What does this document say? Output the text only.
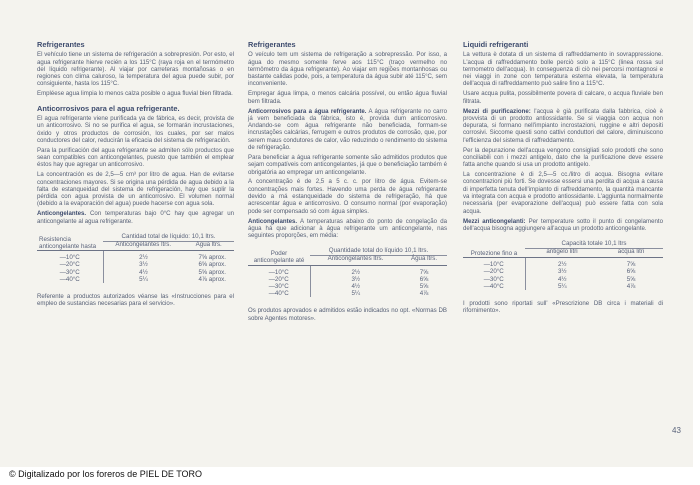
Refrigerantes

El vehículo tiene un sistema de refrigeración a sobrepresión. Por esto, el agua refrigerante hierve recién a los 115°C (raya roja en el termómetro del líquido refrigerante). Al viajar por carreteras montañosas o en regiones con clima caluroso, la temperatura del agua puede subir, por consiguiente, hasta los 115°C.

Empléese agua limpia lo menos calza posible o agua fluvial bien filtrada.

Anticorrosivos para el agua refrigerante.

El agua refrigerante viene purificada ya de fábrica, es decir, provista de un anticorrosivo. Si no se purifica el agua, se formarán incrustaciones, óxido y otros productos de corrosión, los cuales, por ser malos conductores del calor, reducirán la eficacia del sistema de refrigeración.

Para la purificación del agua refrigerante se admiten sólo productos que sean compatibles con anticongelantes, puesto que también el emplear éstos hay que agregar un anticorrosivo.

La concentración es de 2,5—5 cm³ por litro de agua. Han de evitarse concentraciones mayores. Si se origina una pérdida de agua debido a la falta de estanqueidad del sistema de refrigeración, hay que suplir la pérdida con agua provista de un anticorrosivo. El volumen normal (debido a la evaporación del agua) puede hacerse con agua sola.

Anticongelantes. Con temperaturas bajo 0°C hay que agregar un anticongelante al agua refrigerante.

Resistencia anticongelante hasta	Cantidad total de líquido: 10,1 ltrs.	
	Anticongelantes ltrs.	Agua ltrs.
—10°C	2½	7⅝ aprox.
—20°C	3½	6⅝ aprox.
—30°C	4½	5⅝ aprox.
—40°C	5¼	4⅞ aprox.

Referente a productos autorizados véanse las «Instrucciones para el empleo de sustancias necesarias para el servicio».

Refrigerantes

O veículo tem um sistema de refrigeração a sobrepressão. Por isso, a água do mesmo somente ferve aos 115°C (traço vermelho no termômetro da água refrigerante). Ao viajar em regiões montanhosas ou bastante calidas pode, pois, a temperatura da água subir até 115°C, sem inconveniente.

Empregar água limpa, o menos calcária possível, ou então água fluvial bem filtrada.

Anticorrosivos para a água refrigerante. A água refrigerante no carro já vem beneficiada da fábrica, isto é, provida dum anticorrosivo. Andando-se com água refrigerante não beneficiada, formam-se incrustações calcárias, ferrugem e outros produtos de corrosão, que, por serem maus condutores de calor, vão reduzindo o rendimento do sistema de refrigeração.

Para beneficiar a água refrigerante somente são admitidos produtos que sejam compatíveis com anticongelantes, já que o beneficiação também é obrigatória ao empregar um anticongelante.

A concentração é de 2,5 a 5 c. c. por litro de água. Evitem-se concentrações mais fortes. Havendo uma perda de água refrigerante devido a má estanqueidade do sistema de refrigeração, há que acrescentar água e anticorrosivo. O consumo normal (por evaporação) pode ser compensado só com água simples.

Anticongelantes. A temperaturas abaixo do ponto de congelação da água há que adicionar à água refrigerante um anticongelante, nas seguintes proporções, em média:

Poder anticongelante até	Quantidade total do líquido 10,1 ltrs.	
	Anticongelantes ltrs.	Água ltrs.
—10°C	2½	7⅝
—20°C	3½	6⅝
—30°C	4½	5⅝
—40°C	5¼	4⅞

Os produtos aprovados e admitidos estão indicados no opt. «Normas DB sobre Agentes motores».

Liquidi refrigeranti

La vettura è dotata di un sistema di raffreddamento in sovrappressione. L'acqua di raffreddamento bolle perciò solo a 115°C (linea rossa sul termometro dell'acqua). In conseguenza di ciò nei percorsi montagnosi e nei viaggi in zone con temperatura esterna elevata, la temperatura dell'acqua di raffreddamento può salire fino a 115°C.

Usare acqua pulita, possibilmente povera di calcare, o acqua fluviale ben filtrata.

Mezzi di purificazione: l'acqua è già purificata dalla fabbrica, cioè è provvista di un prodotto antiossidante. Se si viaggia con acqua non depurata, si formano nell'impianto incrostazioni, ruggine e altri depositi corrosivi. Siccome questi sono cattivi conduttori del calore, diminuiscono l'efficienza del sistema di raffreddamento.

Per la depurazione dell'acqua vengono consigliati solo prodotti che sono conciliabili con i mezzi antigelo, dato che la purificazione deve essere fatta anche quando si usa un prodotto antigelo.

La concentrazione è di 2,5—5 cc./litro di acqua. Bisogna evitare concentrazioni più forti. Se dovesse essersi una perdita di acqua a causa di imperfetta tenuta dell'impianto di raffreddamento, la quantità mancante va integrata con acqua e prodotto antiossidante. L'aggiunta normalmente necessaria (per evaporazione dell'acqua) può essere fatta con sola acqua.

Mezzi anticongelanti: Per temperature sotto il punto di congelamento dell'acqua bisogna aggiungere all'acqua un prodotto anticongelante.

Protezione fino a	Capacità totale 10,1 ltrs	
	antigelo litri	acqua litri
—10°C	2½	7⅝
—20°C	3½	6⅝
—30°C	4½	5⅝
—40°C	5¼	4⅞

I prodotti sono riportati sull' «Prescrizione DB circa i materiali di rifornimento».

43
© Digitalizado por los foreros de PIEL DE TORO
